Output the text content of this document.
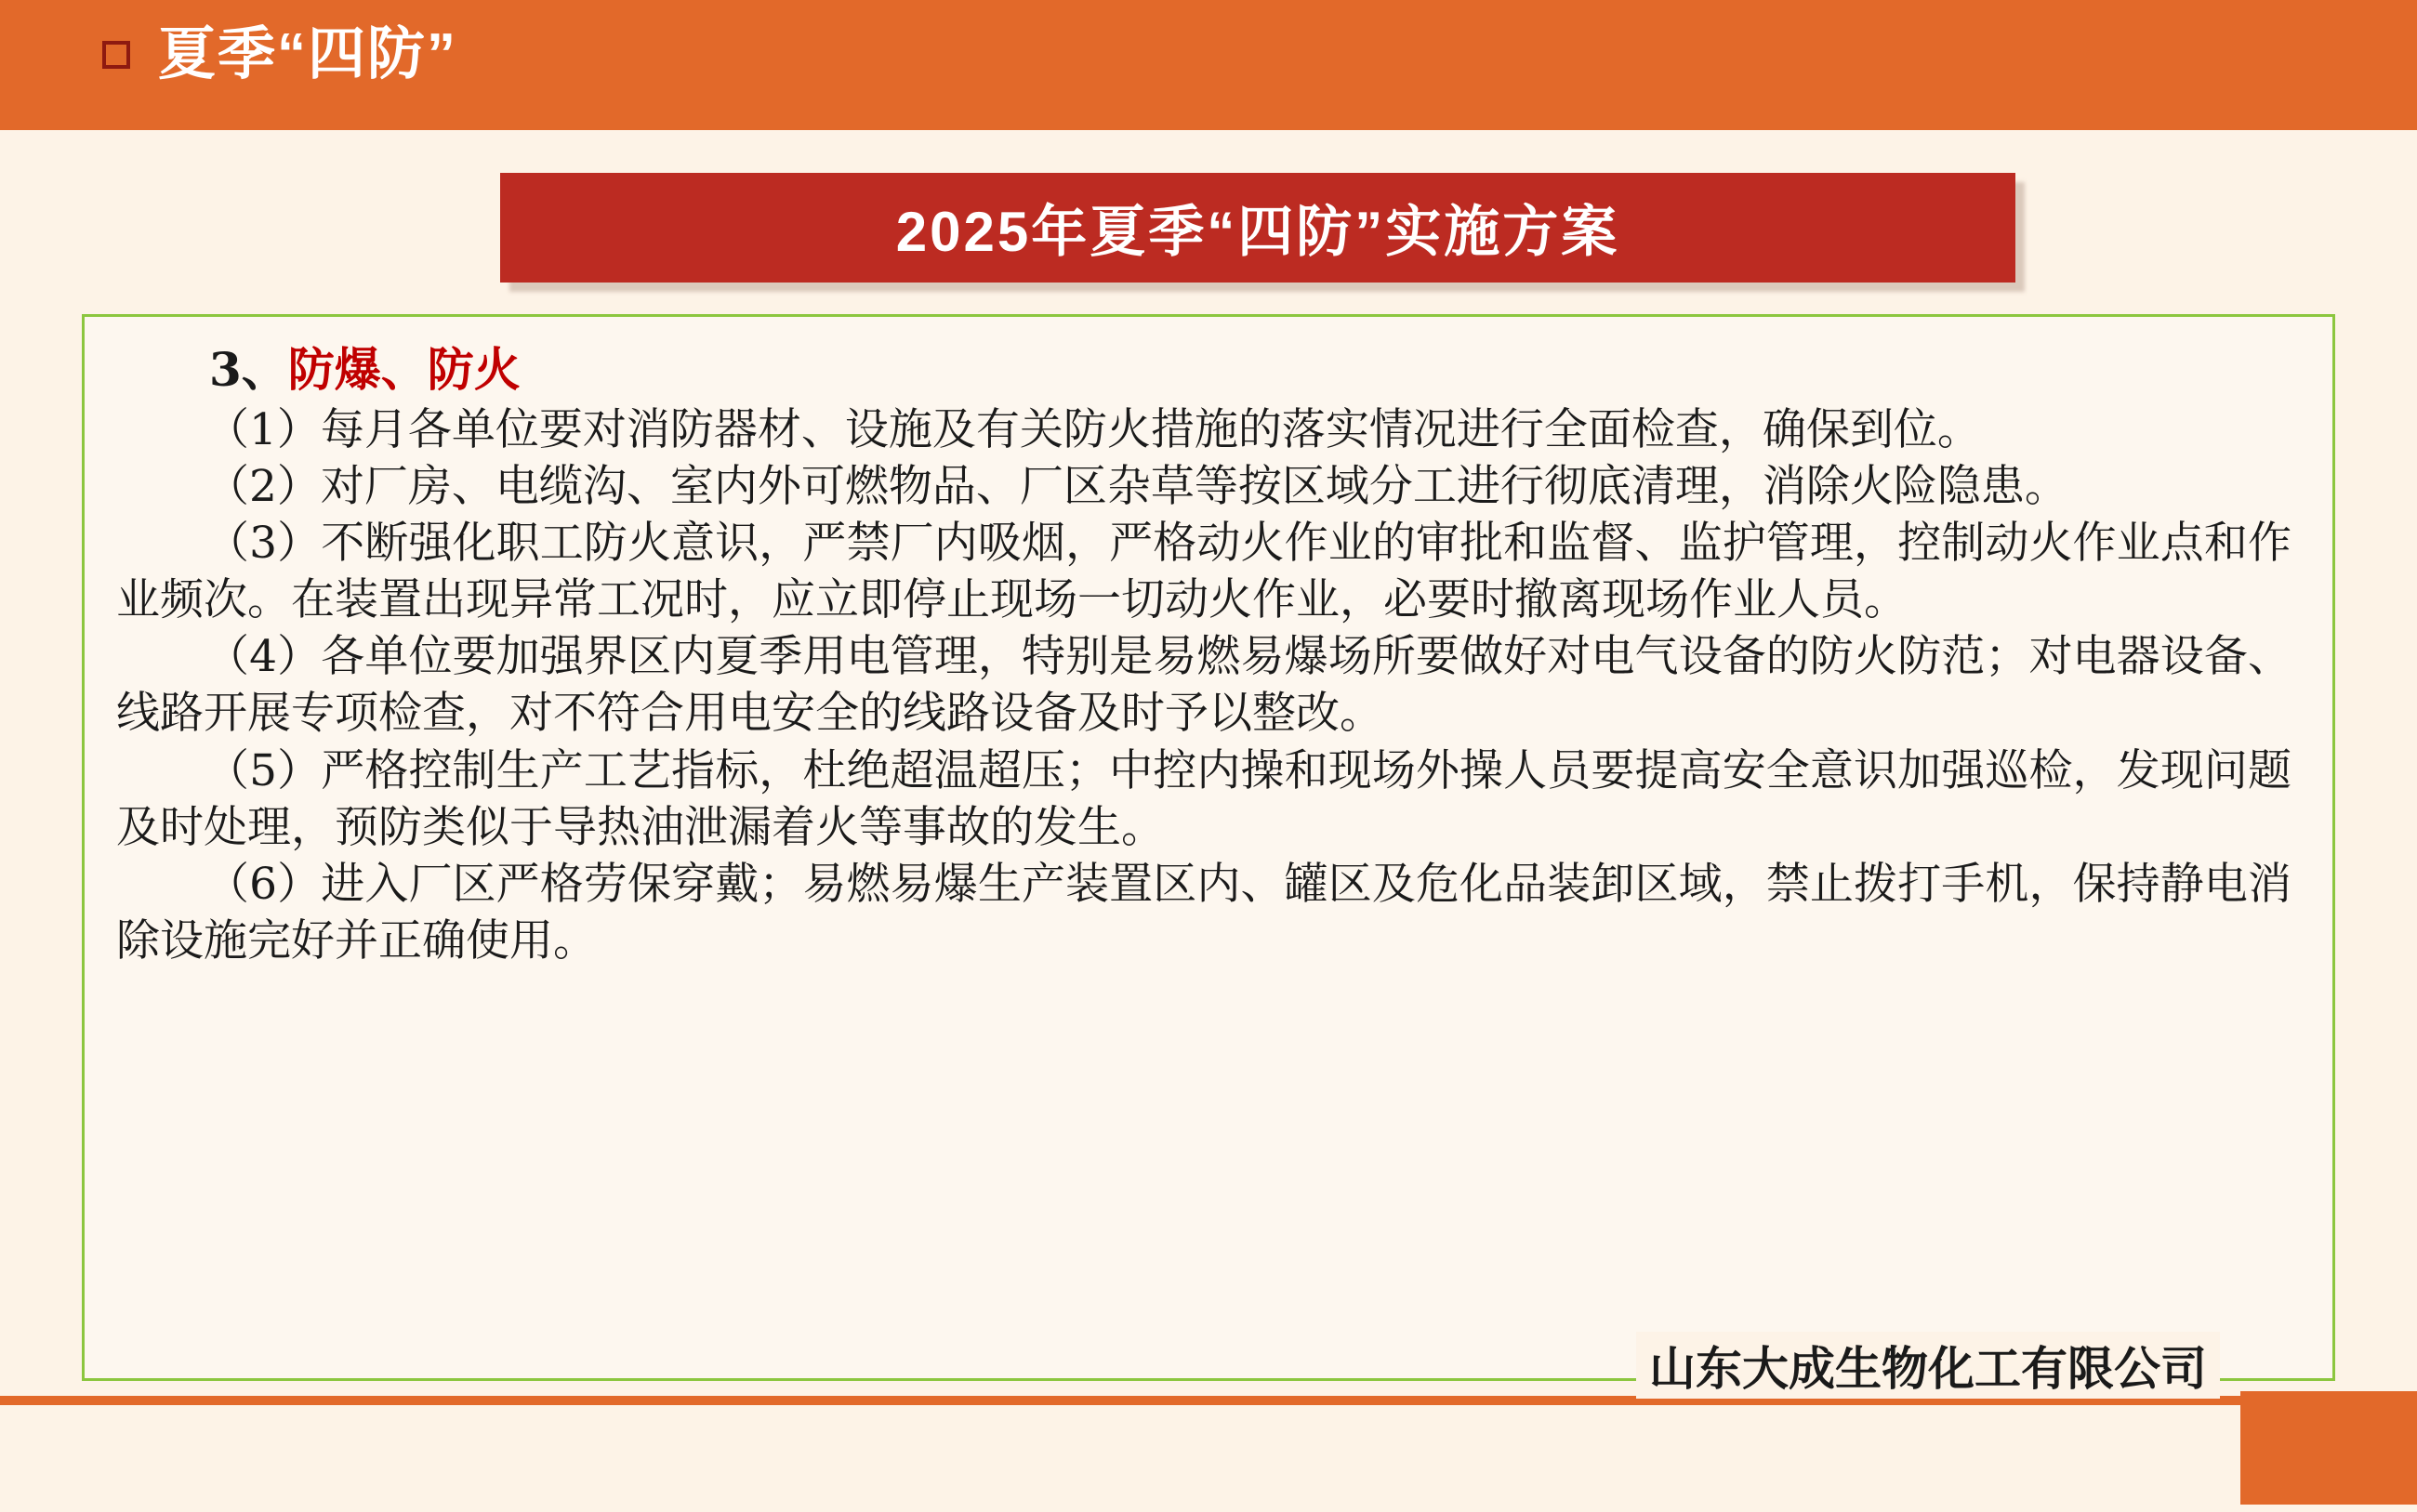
夏季“四防”
2025年夏季“四防”实施方案
3、防爆、防火

（1）每月各单位要对消防器材、设施及有关防火措施的落实情况进行全面检查，确保到位。

（2）对厂房、电缆沟、室内外可燃物品、厂区杂草等按区域分工进行彻底清理，消除火险隐患。

（3）不断强化职工防火意识，严禁厂内吸烟，严格动火作业的审批和监督、监护管理，控制动火作业点和作业频次。在装置出现异常工况时，应立即停止现场一切动火作业，必要时撤离现场作业人员。

（4）各单位要加强界区内夏季用电管理，特别是易燃易爆场所要做好对电气设备的防火防范；对电器设备、线路开展专项检查，对不符合用电安全的线路设备及时予以整改。

（5）严格控制生产工艺指标，杜绝超温超压；中控内操和现场外操人员要提高安全意识加强巡检，发现问题及时处理，预防类似于导热油泄漏着火等事故的发生。

（6）进入厂区严格劳保穿戴；易燃易爆生产装置区内、罐区及危化品装卸区域，禁止拨打手机，保持静电消除设施完好并正确使用。

山东大成生物化工有限公司
